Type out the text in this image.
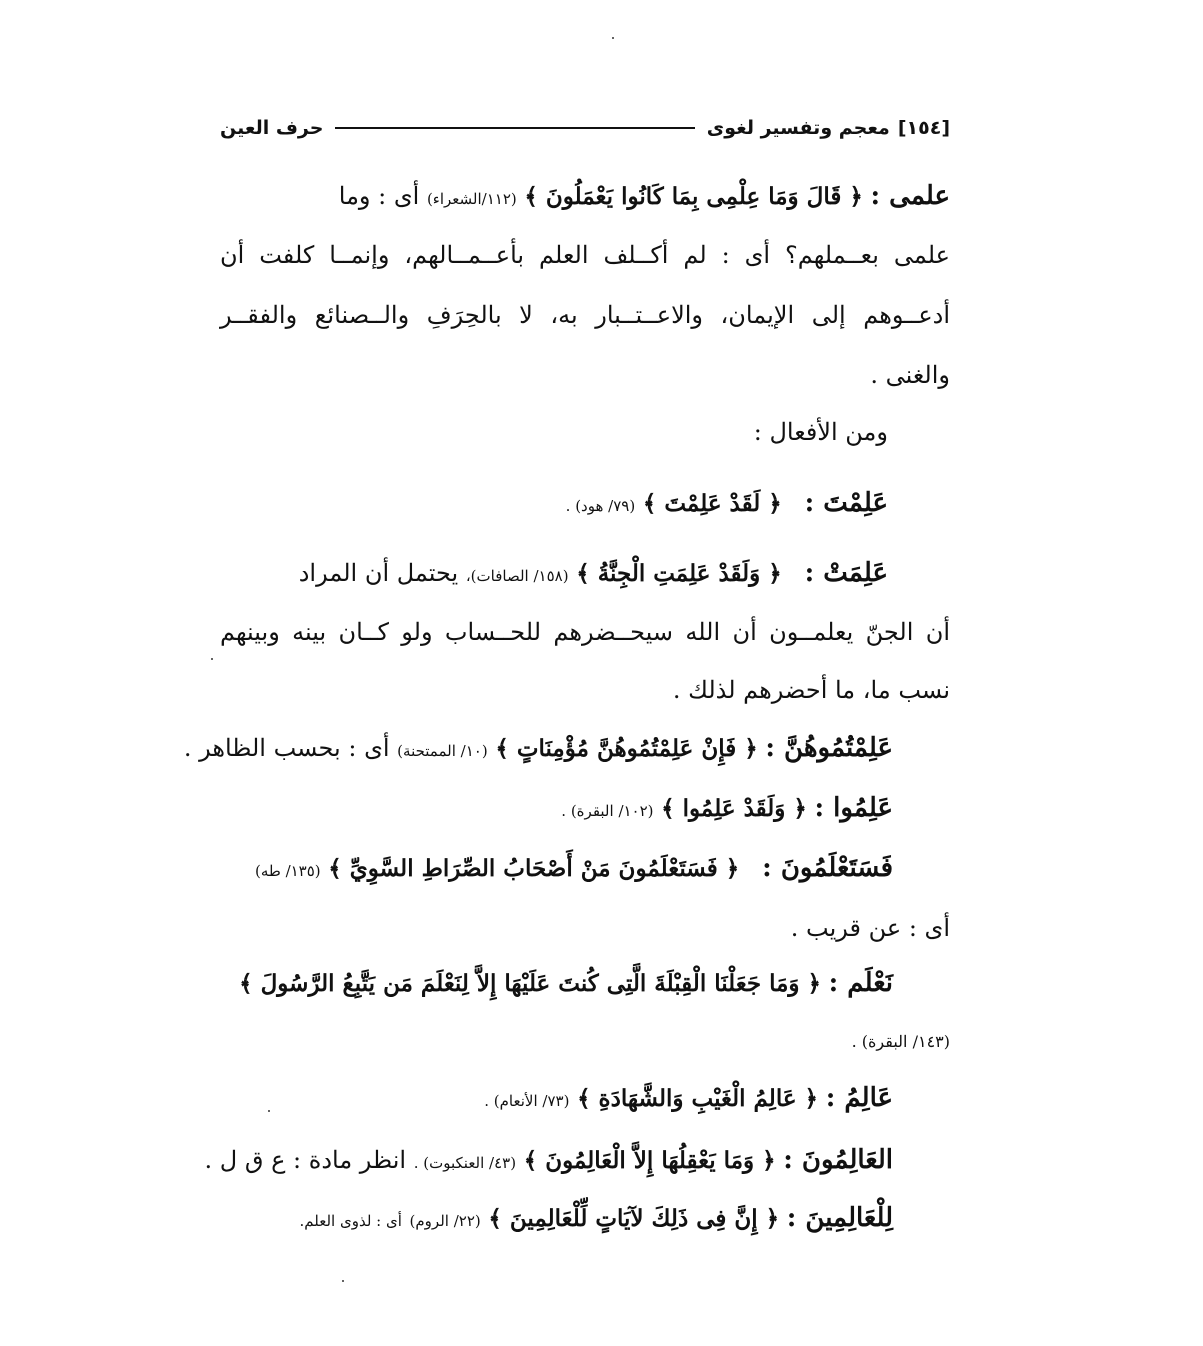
[١٥٤]
معجم وتفسير لغوى
حرف العين
علمى : ﴿ قَالَ وَمَا عِلْمِى بِمَا كَانُوا يَعْمَلُونَ ﴾ (١١٢/الشعراء) أى : وما
علمى بعــملهم؟ أى : لم أكــلف العلم بأعــمــالهم، وإنمــا كلفت أن
أدعــوهم إلى الإيمان، والاعــتــبار به، لا بالحِرَفِ والــصنائع والفقــر
والغنى .
ومن الأفعال :
عَلِمْتَ :   ﴿ لَقَدْ عَلِمْتَ ﴾ (٧٩/ هود) .
عَلِمَتْ :   ﴿ وَلَقَدْ عَلِمَتِ الْجِنَّةُ ﴾ (١٥٨/ الصافات)، يحتمل أن المراد
أن الجنّ يعلمــون أن الله سيحــضرهم للحــساب ولو كــان بينه وبينهم
نسب ما، ما أحضرهم لذلك .
عَلِمْتُمُوهُنَّ : ﴿ فَإِنْ عَلِمْتُمُوهُنَّ مُؤْمِنَاتٍ ﴾ (١٠/ الممتحنة) أى : بحسب الظاهر .
عَلِمُوا : ﴿ وَلَقَدْ عَلِمُوا ﴾ (١٠٢/ البقرة) .
فَسَتَعْلَمُونَ :   ﴿ فَسَتَعْلَمُونَ مَنْ أَصْحَابُ الصِّرَاطِ السَّوِيِّ ﴾ (١٣٥/ طه)
أى : عن قريب .
نَعْلَم : ﴿ وَمَا جَعَلْنَا الْقِبْلَةَ الَّتِى كُنتَ عَلَيْهَا إِلاَّ لِنَعْلَمَ مَن يَتَّبِعُ الرَّسُولَ ﴾
(١٤٣/ البقرة) .
عَالِمُ : ﴿ عَالِمُ الْغَيْبِ وَالشَّهَادَةِ ﴾ (٧٣/ الأنعام) .
العَالِمُونَ : ﴿ وَمَا يَعْقِلُهَا إِلاَّ الْعَالِمُونَ ﴾ (٤٣/ العنكبوت) . انظر مادة : ع ق ل .
لِلْعَالِمِينَ : ﴿ إِنَّ فِى ذَلِكَ لآيَاتٍ لِّلْعَالِمِينَ ﴾ (٢٢/ الروم) أى : لذوى العلم.
